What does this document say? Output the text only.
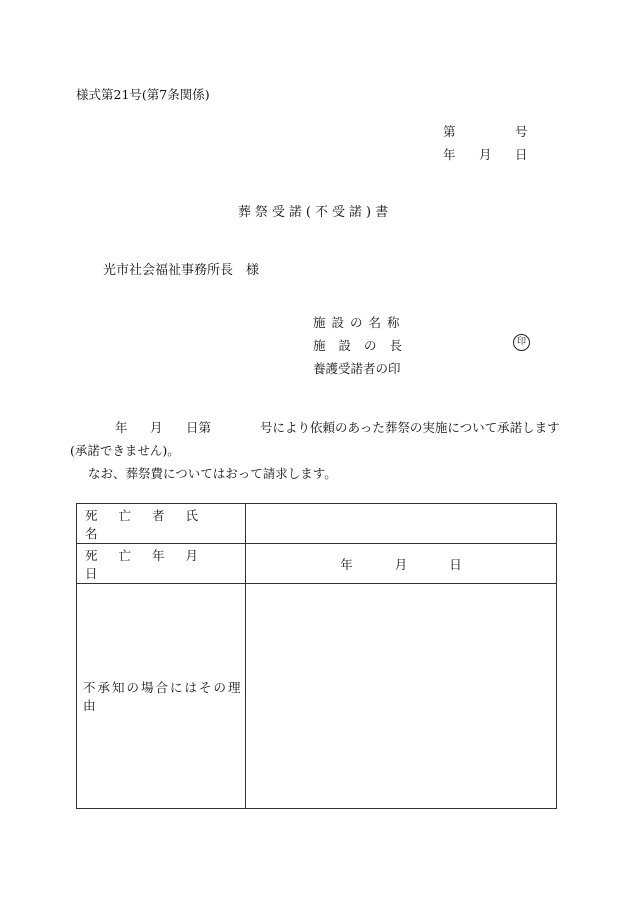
様式第21号(第7条関係)
第	号
年 月 日
葬祭受諾(不受諾)書
光市社会福祉事務所長　様
施設の名称
施設の長	印
養護受諾者の印
年 月 日第	号により依頼のあった葬祭の実施について承諾します
(承諾できません)。
なお、葬祭費についてはおって請求します。
死亡者氏名	

死亡年月日	年 月 日

不承知の場合にはその理由	
